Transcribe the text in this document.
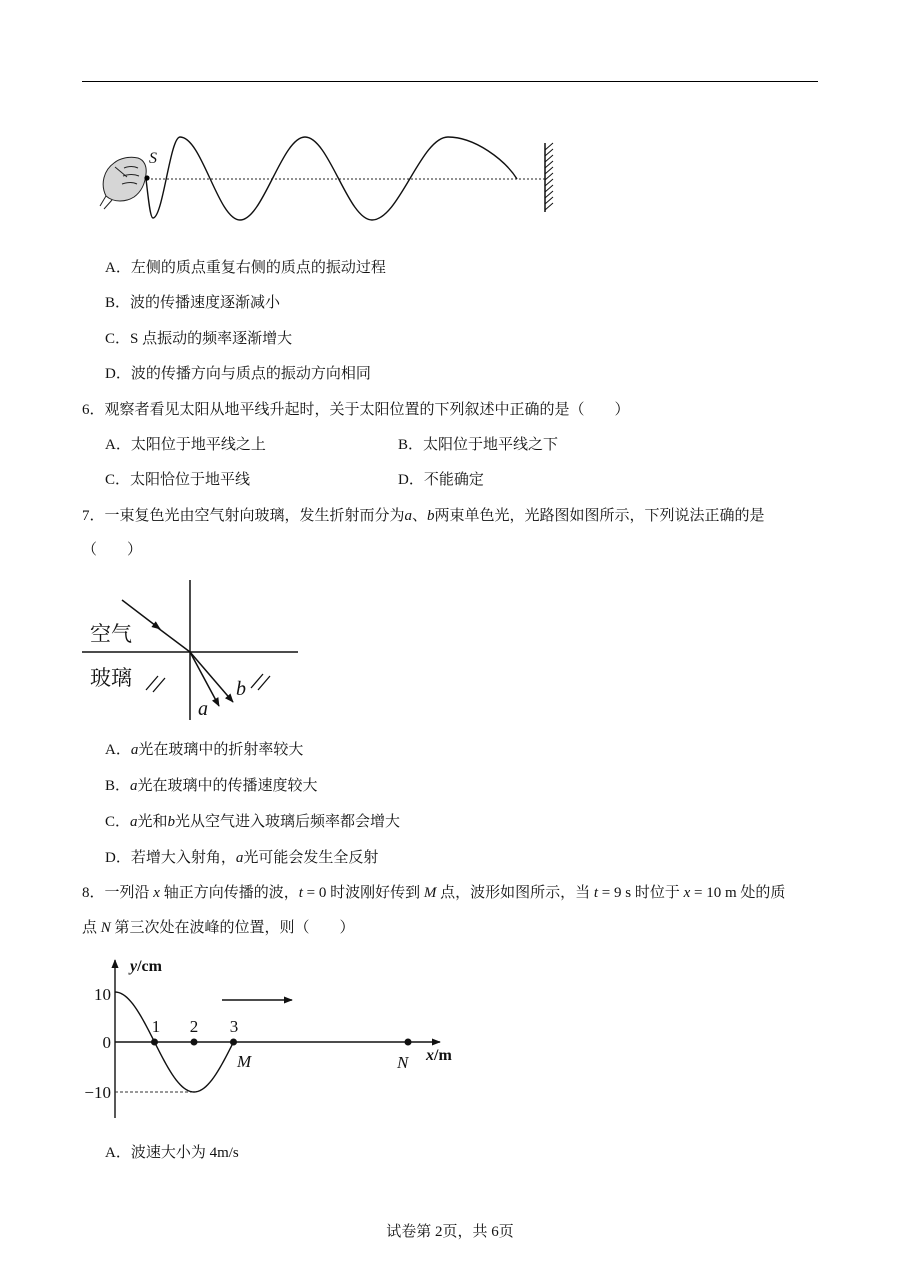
S
A．左侧的质点重复右侧的质点的振动过程
B．波的传播速度逐渐减小
C．S 点振动的频率逐渐增大
D．波的传播方向与质点的振动方向相同
6．观察者看见太阳从地平线升起时，关于太阳位置的下列叙述中正确的是（　　）
A．太阳位于地平线之上	B．太阳位于地平线之下
C．太阳恰位于地平线	D．不能确定
7．一束复色光由空气射向玻璃，发生折射而分为a、b两束单色光，光路图如图所示，下列说法正确的是
（　　）
空气
玻璃
a
b
A．a光在玻璃中的折射率较大
B．a光在玻璃中的传播速度较大
C．a光和b光从空气进入玻璃后频率都会增大
D．若增大入射角，a光可能会发生全反射
8．一列沿 x 轴正方向传播的波，t = 0 时波刚好传到 M 点，波形如图所示，当 t = 9 s 时位于 x = 10 m 处的质
点 N 第三次处在波峰的位置，则（　　）
y/cm
x/m
10
0
−10
1 2 3
M	N
A．波速大小为 4m/s
试卷第 2页，共 6页
